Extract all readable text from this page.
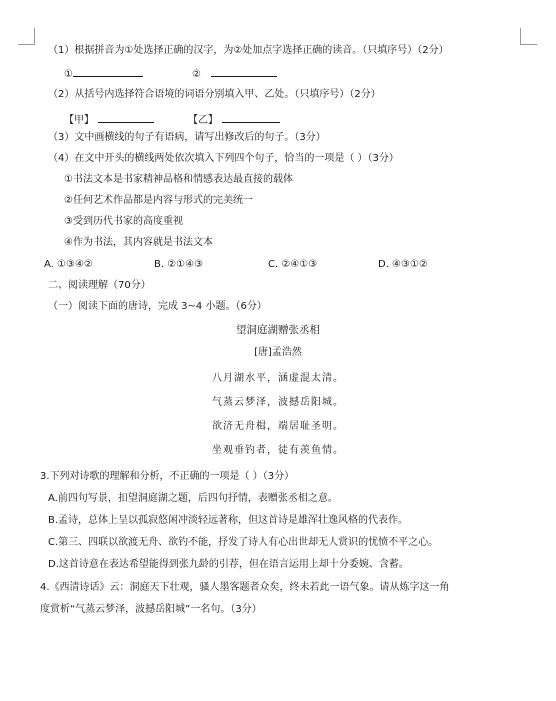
（1）根据拼音为①处选择正确的汉字，为②处加点字选择正确的读音。（只填序号）（2分）
①	②
（2）从括号内选择符合语境的词语分别填入甲、乙处。（只填序号）（2分）
【甲】	【乙】
（3）文中画横线的句子有语病，请写出修改后的句子。（3分）
（4）在文中开头的横线两处依次填入下列四个句子，恰当的一项是（ ）（3分）
①书法文本是书家精神品格和情感表达最直接的载体
②任何艺术作品都是内容与形式的完美统一
③受到历代书家的高度重视
④作为书法，其内容就是书法文本
A. ①③④②	B. ②①④③	C. ②④①③	D. ④③①②
二、阅读理解（70分）
（一）阅读下面的唐诗，完成 3~4 小题。（6分）
望洞庭湖赠张丞相
[唐]孟浩然
八月湖水平，涵虚混太清。
气蒸云梦泽，波撼岳阳城。
欲济无舟楫，端居耻圣明。
坐观垂钓者，徒有羡鱼情。
3.下列对诗歌的理解和分析，不正确的一项是（ ）（3分）
A.前四句写景，扣望洞庭湖之题，后四句抒情，表赠张丞相之意。
B.孟诗，总体上呈以孤寂悠闲冲淡轻远著称，但这首诗是雄浑壮逸风格的代表作。
C.第三、四联以欲渡无舟、欲钓不能，抒发了诗人有心出世却无人赏识的忧愤不平之心。
D.这首诗意在表达希望能得到张九龄的引荐，但在语言运用上却十分委婉、含蓄。
4.《西清诗话》云：洞庭天下壮观，骚人墨客题者众矣，终未若此一语气象。请从炼字这一角
度赏析“气蒸云梦泽，波撼岳阳城”一名句。（3分）
